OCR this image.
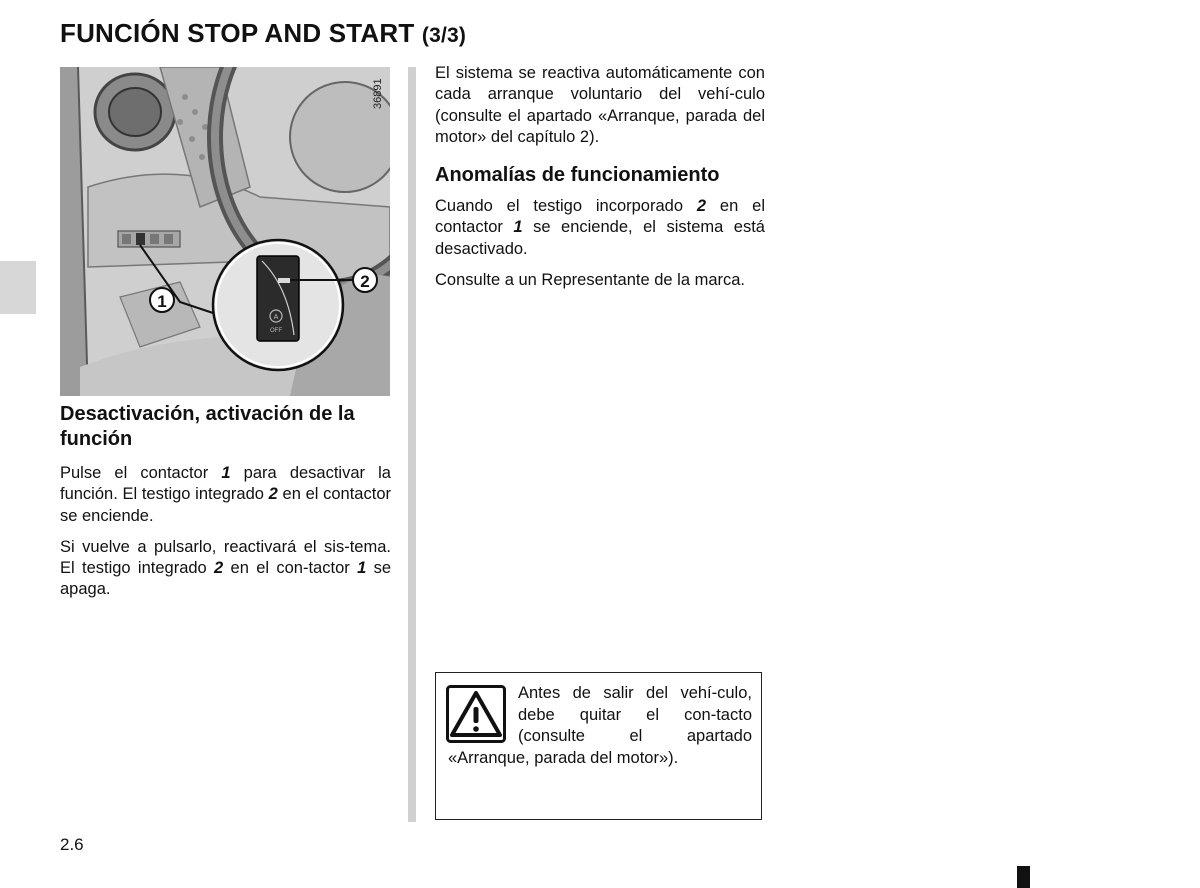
FUNCIÓN STOP AND START (3/3)
A
OFF
1
2
36891
Desactivación, activación de la función

Pulse el contactor 1 para desactivar la función. El testigo integrado 2 en el contactor se enciende.

Si vuelve a pulsarlo, reactivará el sis-tema. El testigo integrado 2 en el con-tactor 1 se apaga.

El sistema se reactiva automáticamente con cada arranque voluntario del vehí-culo (consulte el apartado «Arranque, parada del motor» del capítulo 2).

Anomalías de funcionamiento

Cuando el testigo incorporado 2 en el contactor 1 se enciende, el sistema está desactivado.

Consulte a un Representante de la marca.

Antes de salir del vehí-culo, debe quitar el con-tacto (consulte el apartado «Arranque, parada del motor»).

2.6
